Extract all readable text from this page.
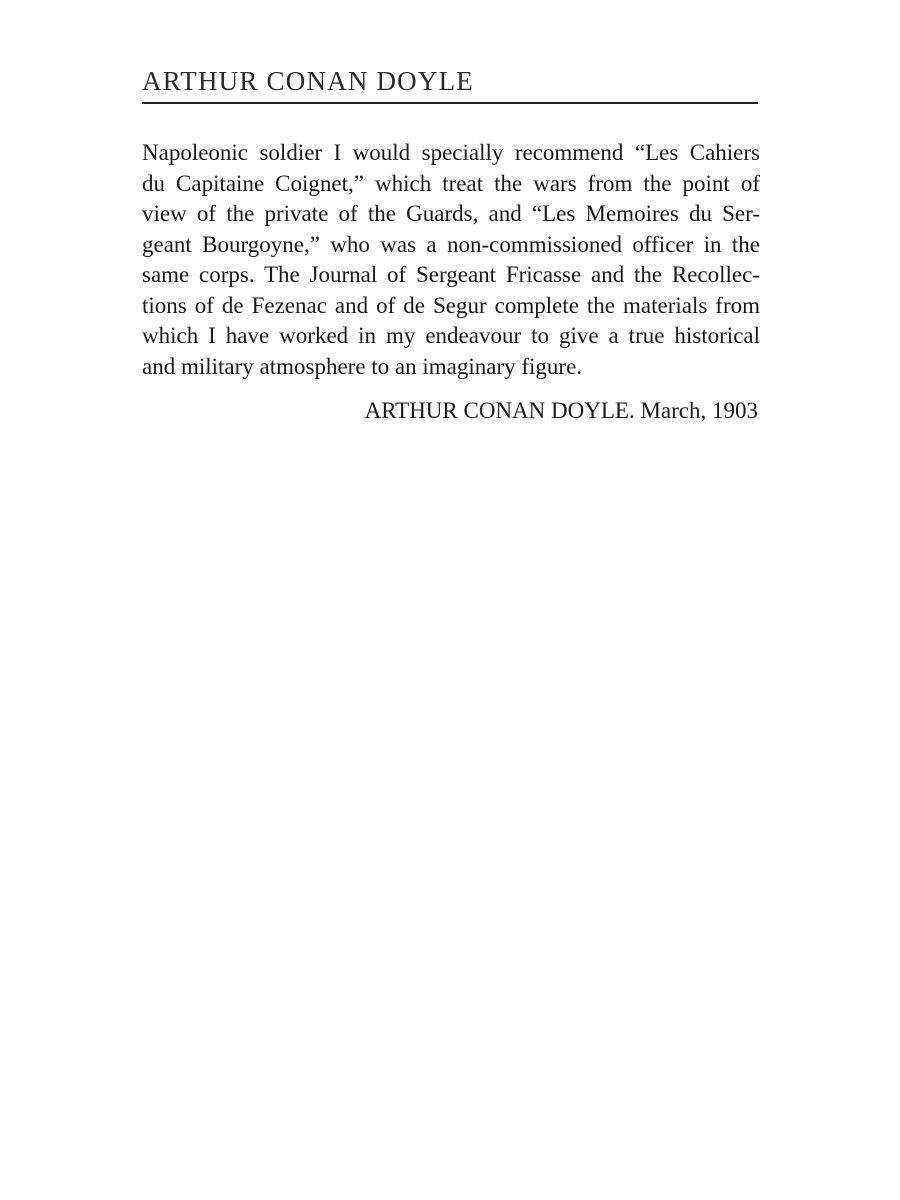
ARTHUR CONAN DOYLE
Napoleonic soldier I would specially recommend “Les Cahiers
du Capitaine Coignet,” which treat the wars from the point of
view of the private of the Guards, and “Les Memoires du Ser-
geant Bourgoyne,” who was a non-commissioned officer in the
same corps. The Journal of Sergeant Fricasse and the Recollec-
tions of de Fezenac and of de Segur complete the materials from
which I have worked in my endeavour to give a true historical
and military atmosphere to an imaginary figure.
ARTHUR CONAN DOYLE. March, 1903
